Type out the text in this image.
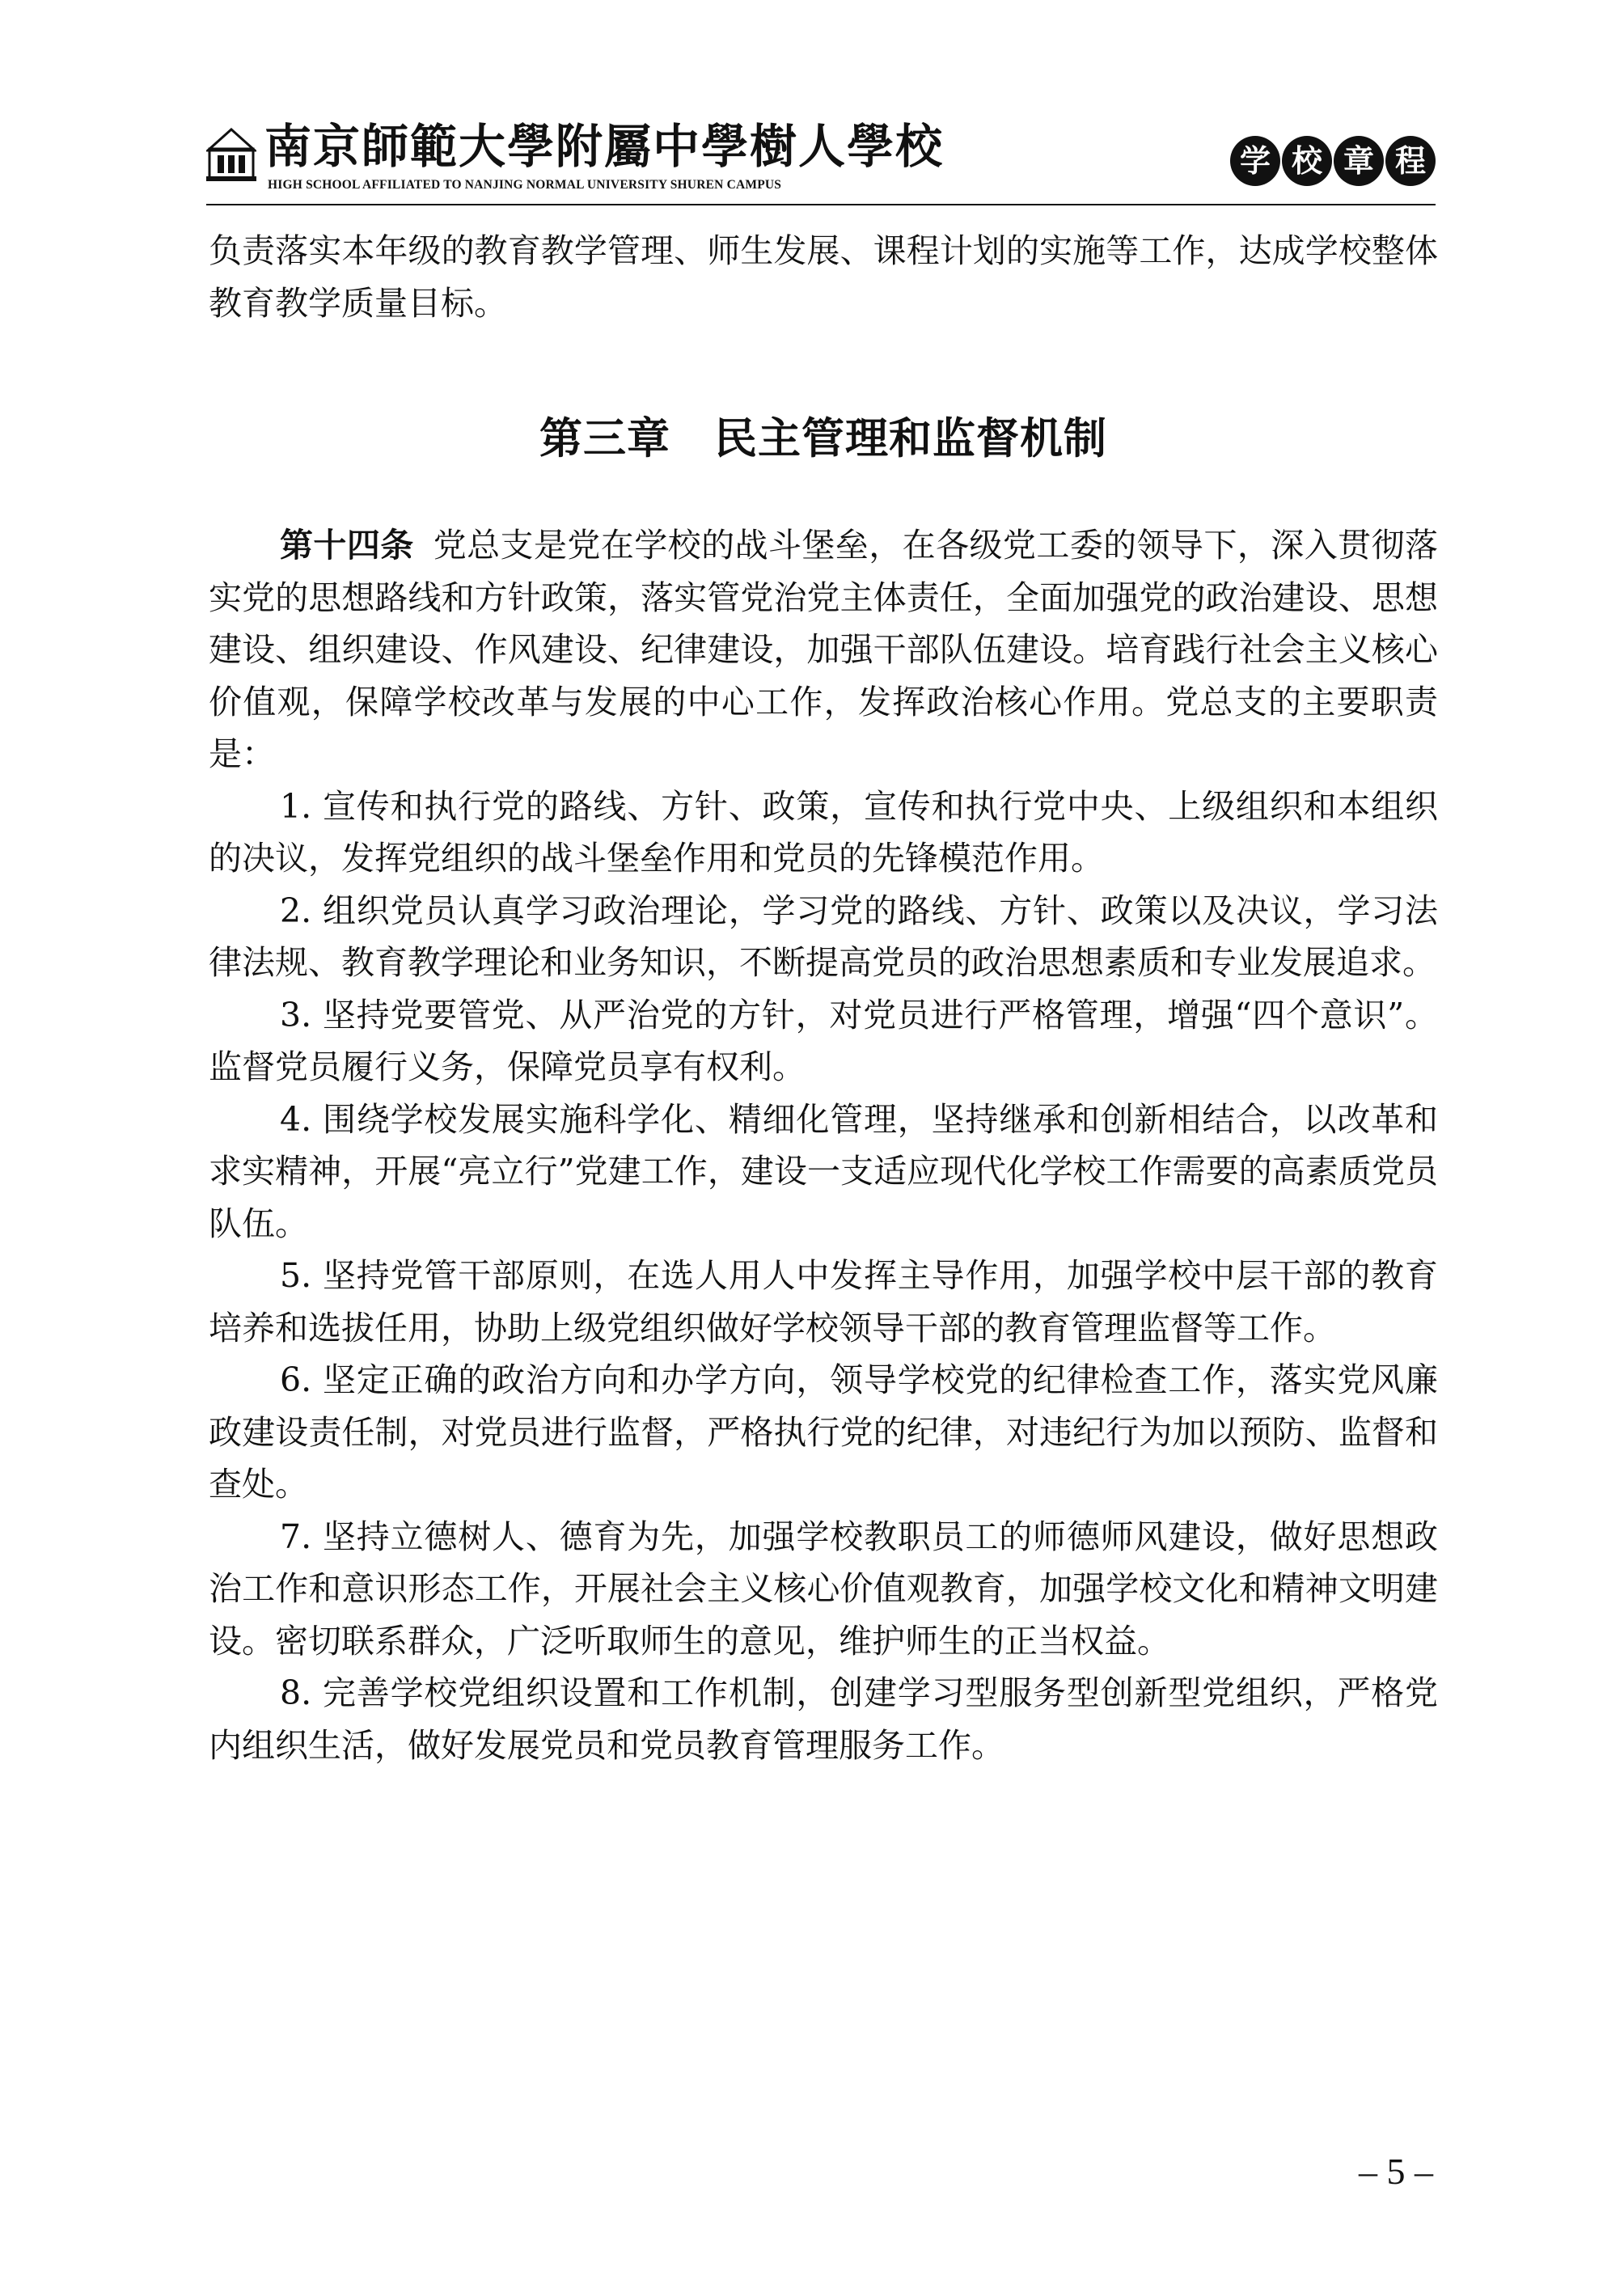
南京師範大學附屬中學樹人學校
HIGH SCHOOL AFFILIATED TO NANJING NORMAL UNIVERSITY SHUREN CAMPUS
学 校 章 程

负责落实本年级的教育教学管理、师生发展、课程计划的实施等工作，达成学校整体教育教学质量目标。

第三章　民主管理和监督机制

第十四条 党总支是党在学校的战斗堡垒，在各级党工委的领导下，深入贯彻落实党的思想路线和方针政策，落实管党治党主体责任，全面加强党的政治建设、思想建设、组织建设、作风建设、纪律建设，加强干部队伍建设。培育践行社会主义核心价值观，保障学校改革与发展的中心工作，发挥政治核心作用。党总支的主要职责是：

1. 宣传和执行党的路线、方针、政策，宣传和执行党中央、上级组织和本组织的决议，发挥党组织的战斗堡垒作用和党员的先锋模范作用。

2. 组织党员认真学习政治理论，学习党的路线、方针、政策以及决议，学习法律法规、教育教学理论和业务知识，不断提高党员的政治思想素质和专业发展追求。

3. 坚持党要管党、从严治党的方针，对党员进行严格管理，增强“四个意识”。监督党员履行义务，保障党员享有权利。

4. 围绕学校发展实施科学化、精细化管理，坚持继承和创新相结合，以改革和求实精神，开展“亮立行”党建工作，建设一支适应现代化学校工作需要的高素质党员队伍。

5. 坚持党管干部原则，在选人用人中发挥主导作用，加强学校中层干部的教育培养和选拔任用，协助上级党组织做好学校领导干部的教育管理监督等工作。

6. 坚定正确的政治方向和办学方向，领导学校党的纪律检查工作，落实党风廉政建设责任制，对党员进行监督，严格执行党的纪律，对违纪行为加以预防、监督和查处。

7. 坚持立德树人、德育为先，加强学校教职员工的师德师风建设，做好思想政治工作和意识形态工作，开展社会主义核心价值观教育，加强学校文化和精神文明建设。密切联系群众，广泛听取师生的意见，维护师生的正当权益。

8. 完善学校党组织设置和工作机制，创建学习型服务型创新型党组织，严格党内组织生活，做好发展党员和党员教育管理服务工作。

– 5 –
